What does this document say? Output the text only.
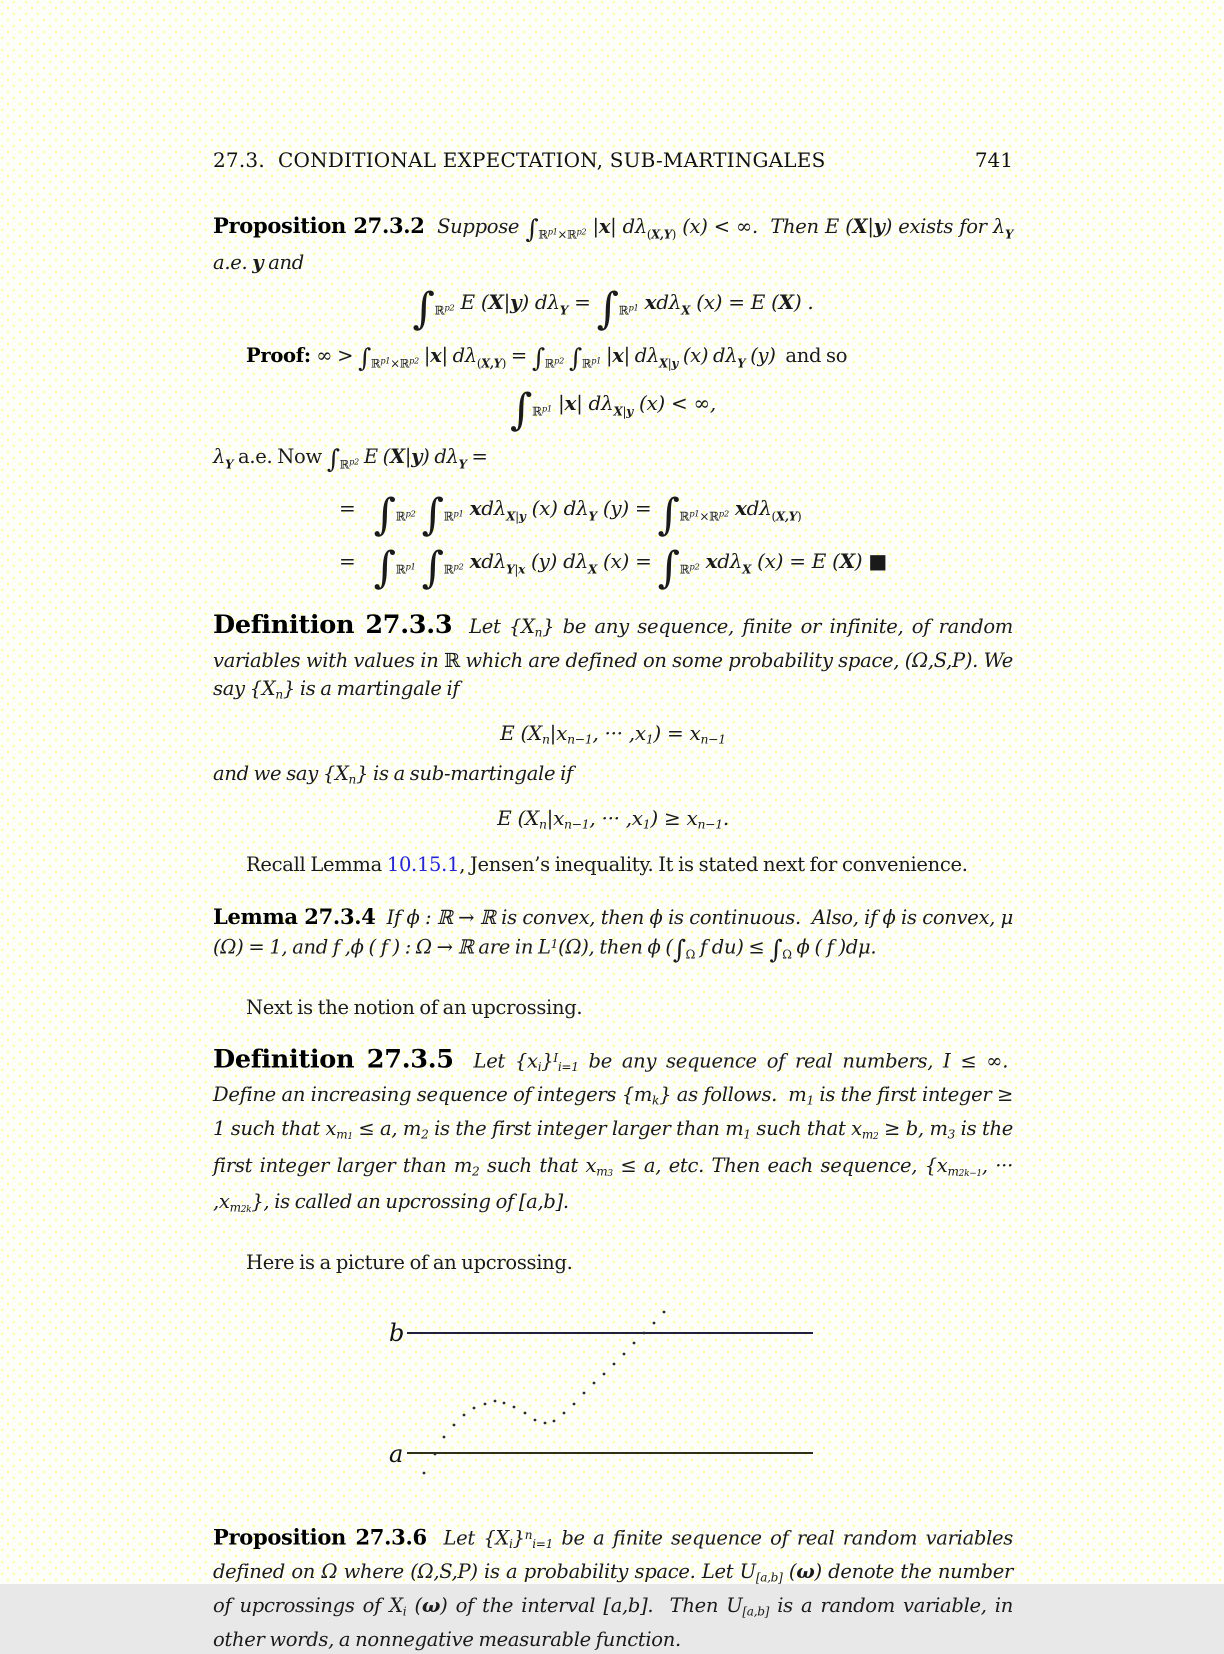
27.3.  CONDITIONAL EXPECTATION, SUB-MARTINGALES	741
Proposition 27.3.2  Suppose $\int_ℝp1_{\times ℝ}p2$ |x| $d\lambda_{(X,Y)}$ (x) < ∞.  Then E (X|y) exists for $\lambda_Y$ a.e. y and
$\int_ℝp2$ E (X|y) $d\lambda_Y = \int_ℝp1$ xdλ$_X$ (x) = E (X) .
Proof: ∞ > $\int_ℝp1_{\times ℝ}p2$ |x| $d\lambda_{(X,Y)} = \int_ℝp2$ $\int_ℝp1$ |x| $d\lambda_{X|y}$ (x) $d\lambda_Y$ (y)  and so
$\int_ℝp1$ |x| $d\lambda_{X|y}$ (x) < ∞,
$\lambda_Y$ a.e. Now $\int_ℝp2$ E (X|y) $d\lambda_Y$ =
= $\int_ℝp2$ $\int_ℝp1$ xdλ$_{X|y}$ (x) $d\lambda_Y$ $(y) = \int_ℝp1_{\times ℝ}p2$ xdλ$_{(X,Y)}$
= $\int_ℝp1$ $\int_ℝp2$ xdλ$_{Y|x}$ (y) $d\lambda_X$ $(x) = \int_ℝp2$ xdλ$_X$ (x) = E (X) ■
Definition 27.3.3  Let {Xn} be any sequence, finite or infinite, of random variables with values in ℝ which are defined on some probability space, (Ω,S,P). We say {Xn} is a martingale if
E (Xn|xn−1, ··· ,x1) = xn−1
and we say {Xn} is a sub-martingale if
E (Xn|xn−1, ··· ,x1) ≥ xn−1.
Recall Lemma 10.15.1, Jensen’s inequality. It is stated next for convenience.
Lemma 27.3.4  If ϕ : ℝ → ℝ is convex, then ϕ is continuous.  Also, if ϕ is convex, μ (Ω) = 1, and f ,ϕ ( f ) : Ω → ℝ are in $L^1(\Omega)$, then ϕ ($\int_\Omega$ f $du) \le \int_\Omega$ ϕ ( f )dμ.
Next is the notion of an upcrossing.
Definition 27.3.5  Let {xi}$^I$i=1 be any sequence of real numbers, I ≤ ∞.  Define an increasing sequence of integers {mk} as follows.  m1 is the first integer ≥ 1 such that $xm_1 \le a$, m2 is the first integer larger than m1 such that $xm_2 \ge b$, m3 is the first integer larger than m2 such that $xm_3 \le a$, etc. Then each sequence, {$xm_{2k-1}$, ··· $,xm_{2k}$}, is called an upcrossing of [a,b].
Here is a picture of an upcrossing.
b
a
Proposition 27.3.6  Let $\{Xi\}^ni=1$ be a finite sequence of real random variables defined on Ω where (Ω,S,P) is a probability space. Let U[a,b] (ω) denote the number of upcrossings of Xi (ω) of the interval [a,b].  Then U[a,b] is a random variable, in other words, a nonnegative measurable function.
